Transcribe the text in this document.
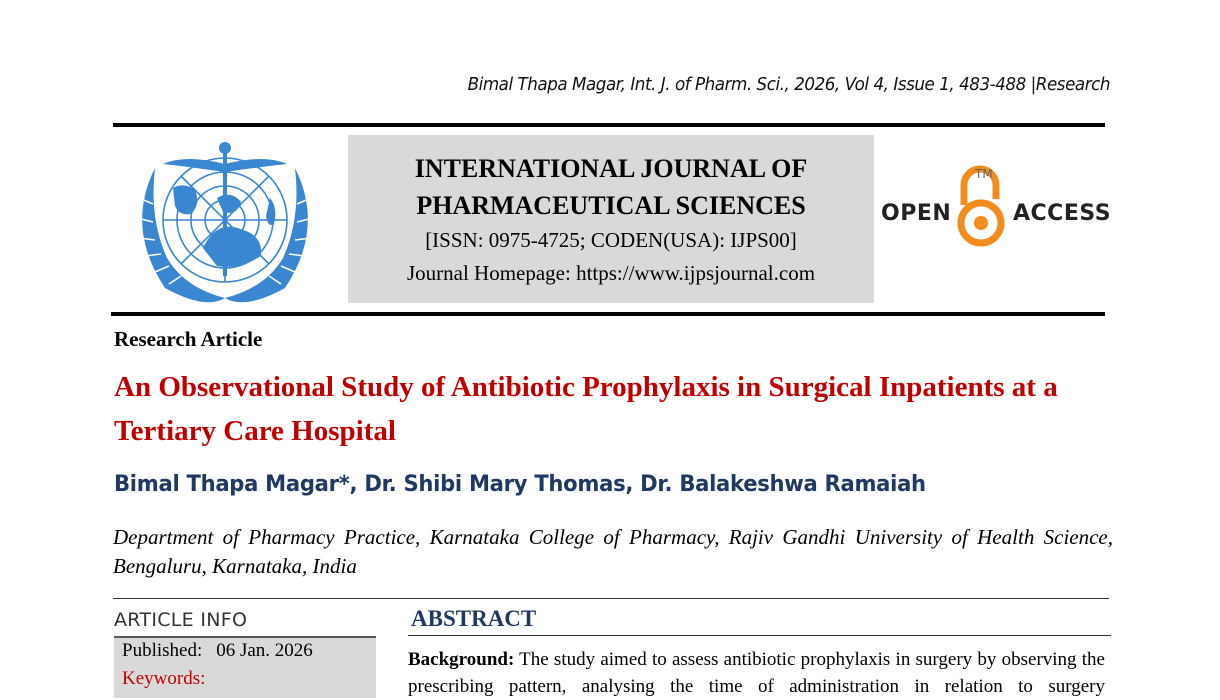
Bimal Thapa Magar, Int. J. of Pharm. Sci., 2026, Vol 4, Issue 1, 483-488 |Research
INTERNATIONAL JOURNAL OF
PHARMACEUTICAL SCIENCES
[ISSN: 0975-4725; CODEN(USA): IJPS00]
Journal Homepage: https://www.ijpsjournal.com
OPEN
TM
ACCESS
Research Article
An Observational Study of Antibiotic Prophylaxis in Surgical Inpatients at a Tertiary Care Hospital
Bimal Thapa Magar*, Dr. Shibi Mary Thomas, Dr. Balakeshwa Ramaiah
Department of Pharmacy Practice, Karnataka College of Pharmacy, Rajiv Gandhi University of Health Science, Bengaluru, Karnataka, India
ARTICLE INFO
Published: 06 Jan. 2026
Keywords:
ABSTRACT
Background: The study aimed to assess antibiotic prophylaxis in surgery by observing the prescribing pattern, analysing the time of administration in relation to surgery
